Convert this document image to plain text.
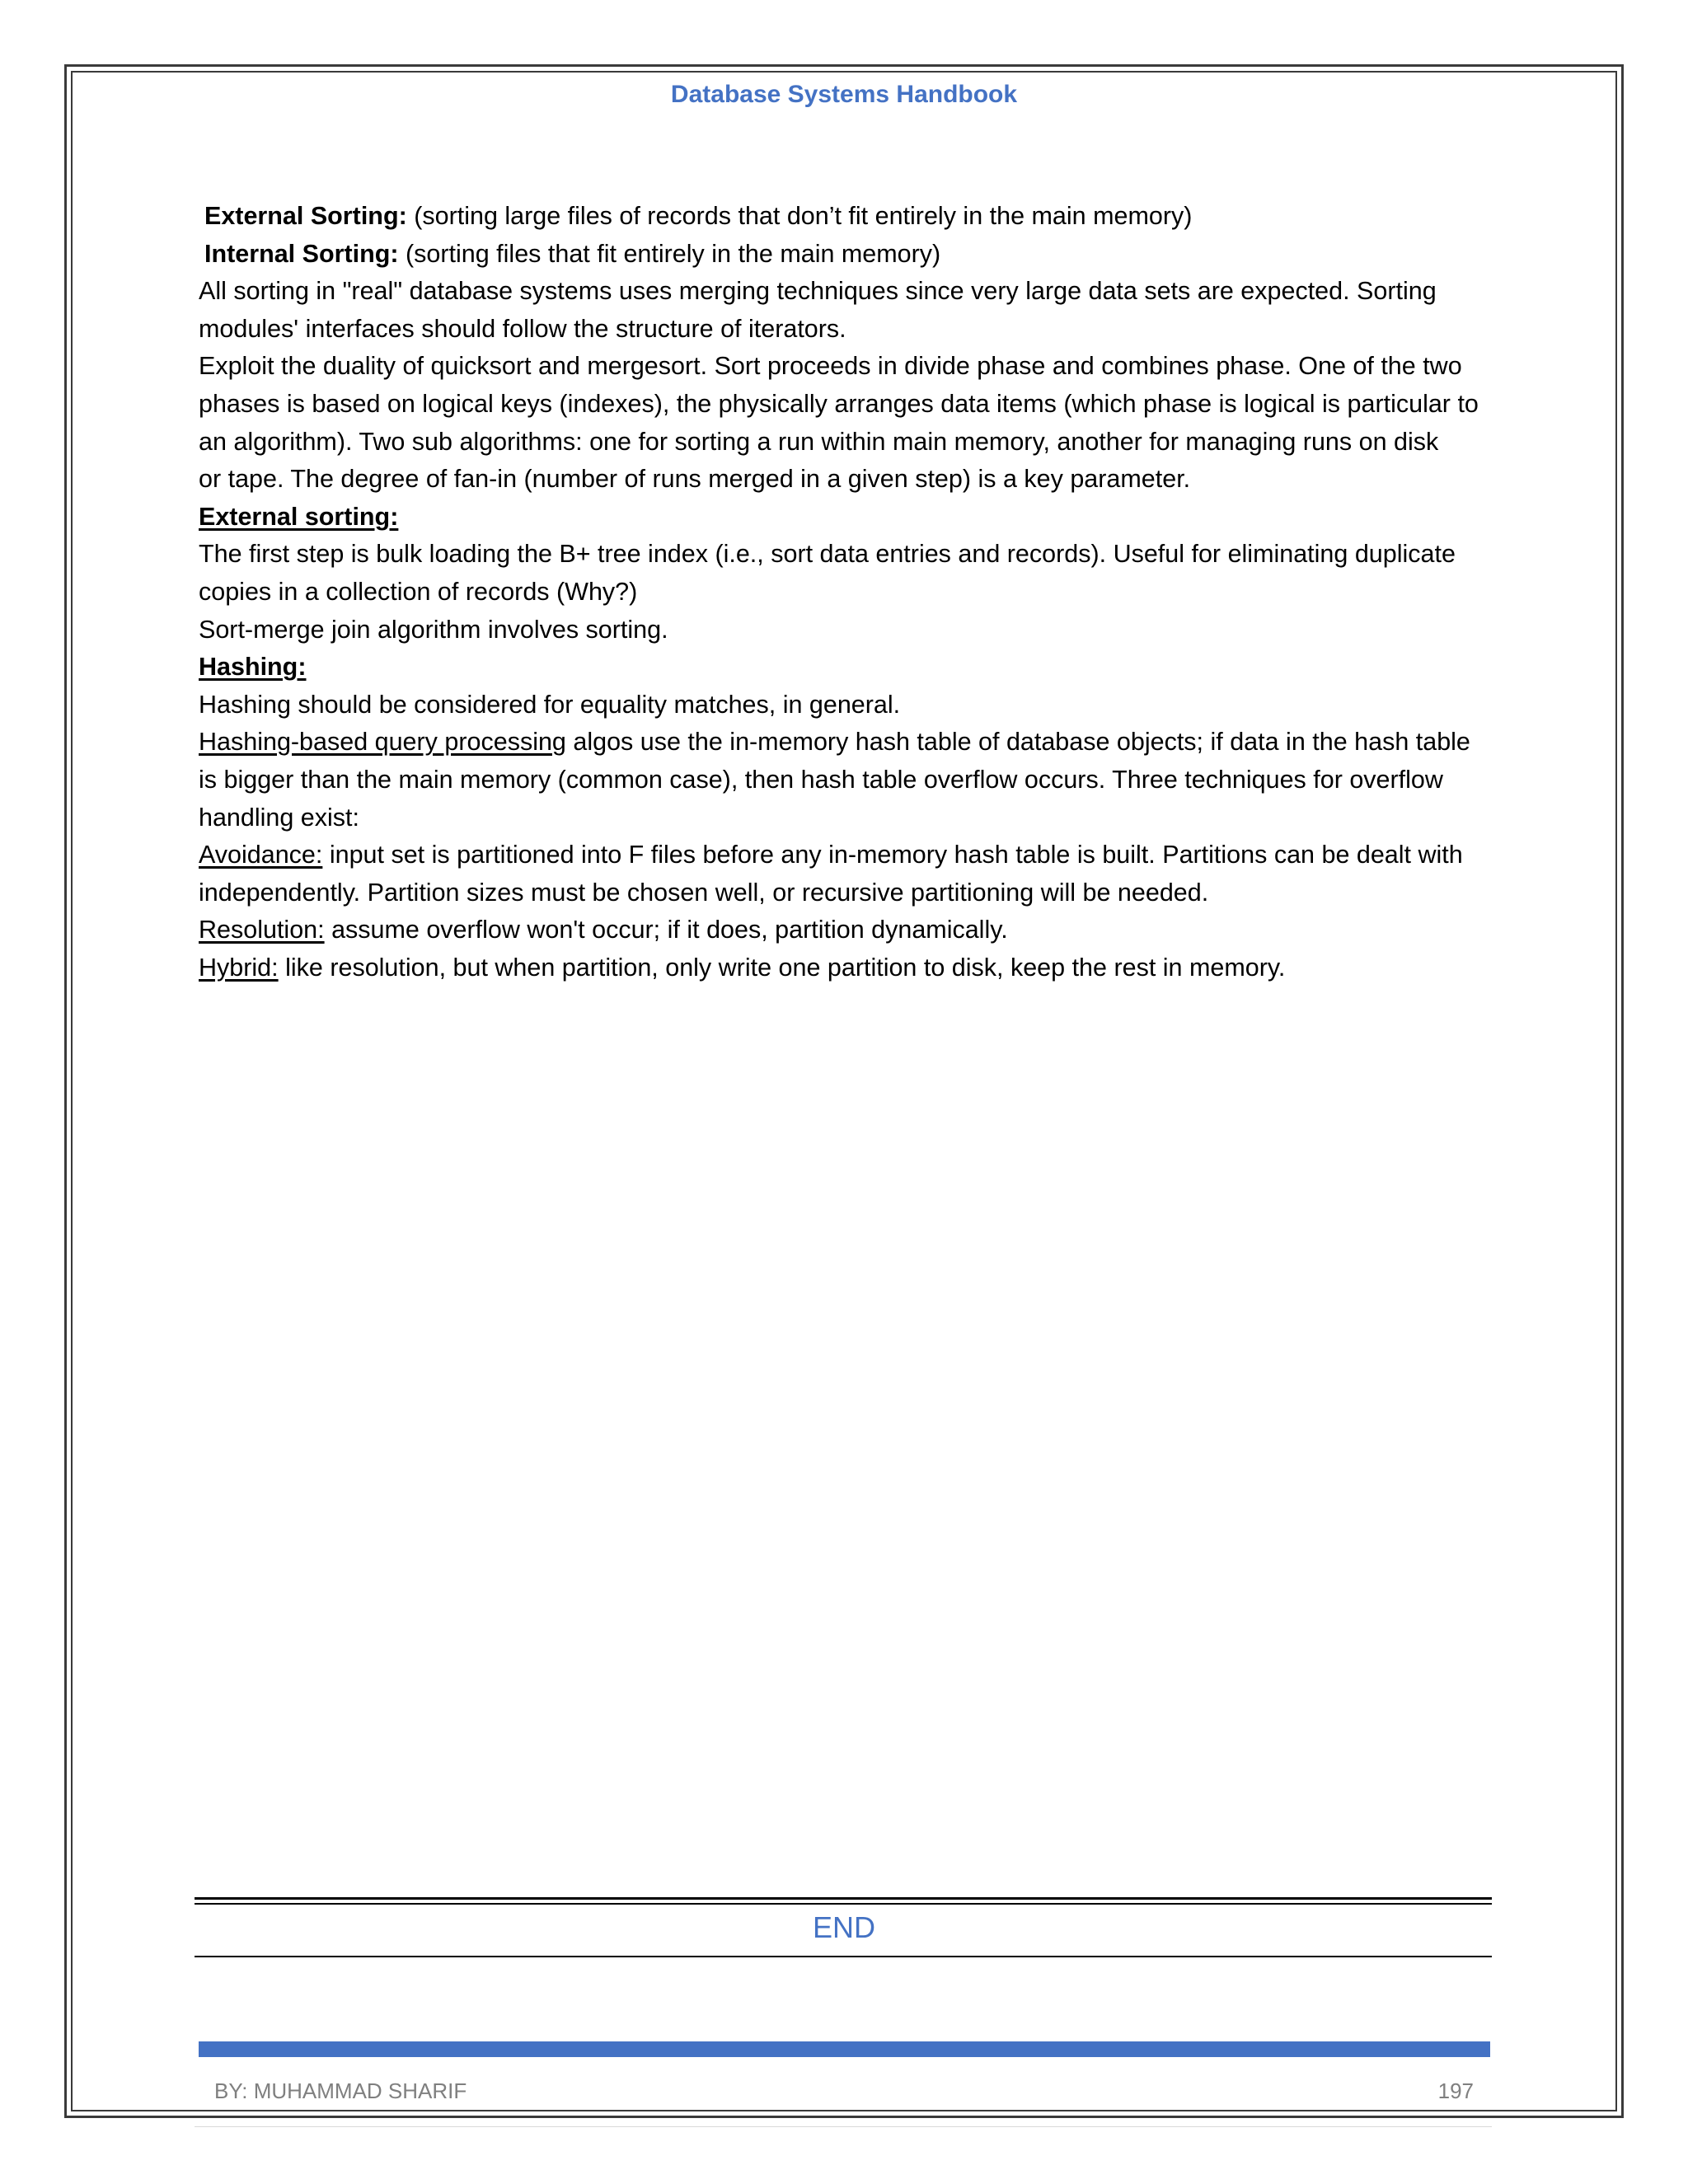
Database Systems Handbook
External Sorting: (sorting large files of records that don’t fit entirely in the main memory)
Internal Sorting: (sorting files that fit entirely in the main memory)
All sorting in "real" database systems uses merging techniques since very large data sets are expected. Sorting
modules' interfaces should follow the structure of iterators.
Exploit the duality of quicksort and mergesort. Sort proceeds in divide phase and combines phase. One of the two
phases is based on logical keys (indexes), the physically arranges data items (which phase is logical is particular to
an algorithm). Two sub algorithms: one for sorting a run within main memory, another for managing runs on disk
or tape. The degree of fan-in (number of runs merged in a given step) is a key parameter.
External sorting:
The first step is bulk loading the B+ tree index (i.e., sort data entries and records). Useful for eliminating duplicate
copies in a collection of records (Why?)
Sort-merge join algorithm involves sorting.
Hashing:
Hashing should be considered for equality matches, in general.
Hashing-based query processing algos use the in-memory hash table of database objects; if data in the hash table
is bigger than the main memory (common case), then hash table overflow occurs. Three techniques for overflow
handling exist:
Avoidance: input set is partitioned into F files before any in-memory hash table is built. Partitions can be dealt with
independently. Partition sizes must be chosen well, or recursive partitioning will be needed.
Resolution: assume overflow won't occur; if it does, partition dynamically.
Hybrid: like resolution, but when partition, only write one partition to disk, keep the rest in memory.
END
BY: MUHAMMAD SHARIF	197
